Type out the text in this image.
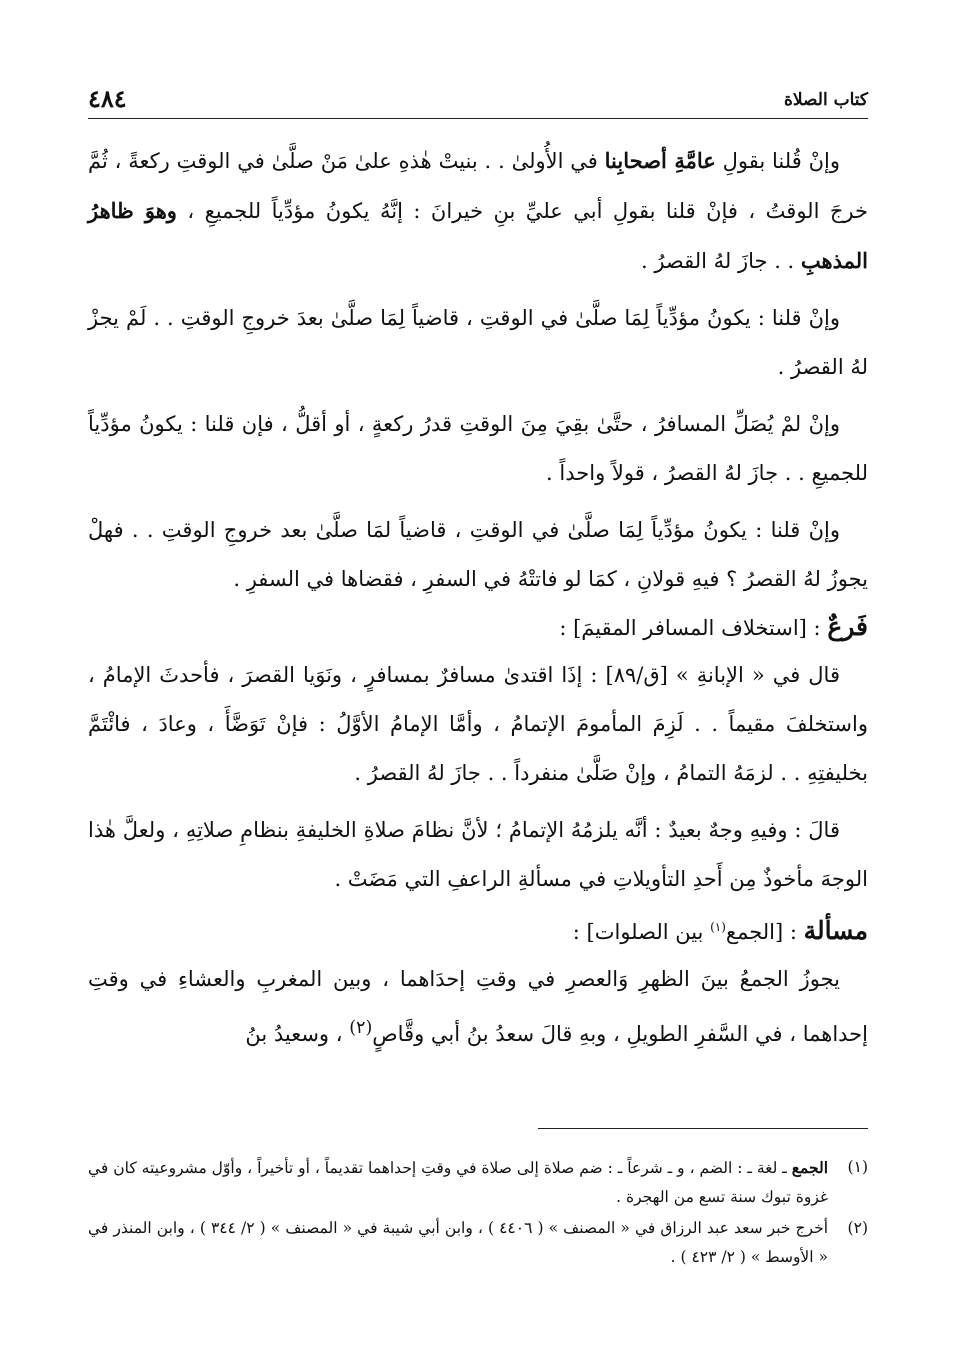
كتاب الصلاة
٤٨٤

وإنْ قُلنا بقولِ عامَّةِ أصحابِنا في الأُولىٰ . . بنيتْ هٰذهِ علىٰ مَنْ صلَّىٰ في الوقتِ ركعةً ، ثُمَّ خرجَ الوقتُ ، فإنْ قلنا بقولِ أبي عليِّ بنِ خيرانَ : إنَّهُ يكونُ مؤدِّياً للجميعِ ، وهوَ ظاهرُ المذهبِ . . جازَ لهُ القصرُ .

وإنْ قلنا : يكونُ مؤدِّياً لِمَا صلَّىٰ في الوقتِ ، قاضياً لِمَا صلَّىٰ بعدَ خروجِ الوقتِ . . لَمْ يجزْ لهُ القصرُ .

وإنْ لمْ يُصَلِّ المسافرُ ، حتَّىٰ بقِيَ مِنَ الوقتِ قدرُ ركعةٍ ، أو أقلُّ ، فإن قلنا : يكونُ مؤدِّياً للجميعِ . . جازَ لهُ القصرُ ، قولاً واحداً .

وإنْ قلنا : يكونُ مؤدِّياً لِمَا صلَّىٰ في الوقتِ ، قاضياً لمَا صلَّىٰ بعد خروجِ الوقتِ . . فهلْ يجوزُ لهُ القصرُ ؟ فيهِ قولانِ ، كمَا لو فاتتْهُ في السفرِ ، فقضاها في السفرِ .

فَرعٌ : [استخلاف المسافر المقيمَ] :

قال في « الإبانةِ » [ق/٨٩] : إذَا اقتدىٰ مسافرٌ بمسافرٍ ، ونَوَيا القصرَ ، فأحدثَ الإمامُ ، واستخلفَ مقيماً . . لَزِمَ المأمومَ الإتمامُ ، وأمَّا الإمامُ الأوَّلُ : فإنْ تَوَضَّأَ ، وعادَ ، فائْتَمَّ بخليفتِهِ . . لزمَهُ التمامُ ، وإنْ صَلَّىٰ منفرداً . . جازَ لهُ القصرُ .

قالَ : وفيهِ وجهٌ بعيدٌ : أنَّه يلزمُهُ الإتمامُ ؛ لأنَّ نظامَ صلاةِ الخليفةِ بنظامِ صلاتِهِ ، ولعلَّ هٰذا الوجهَ مأخوذٌ مِن أَحدِ التأويلاتِ في مسألةِ الراعفِ التي مَضَتْ .

مسألة : [الجمع$^{(١)}$ بين الصلوات] :

يجوزُ الجمعُ بينَ الظهرِ وَالعصرِ في وقتِ إحدَاهما ، وبين المغربِ والعشاءِ في وقتِ إحداهما ، في السَّفرِ الطويلِ ، وبهِ قالَ سعدُ بنُ أبي وقَّاصٍ$^{(٢)}$ ، وسعيدُ بنُ

(١)
الجمع ـ لغة ـ : الضم ، و ـ شرعاً ـ : ضم صلاة إلى صلاة في وقتِ إحداهما تقديماً ، أو تأخيراً ، وأوّل مشروعيته كان في غزوة تبوك سنة تسع من الهجرة .
(٢)
أخرج خبر سعد عبد الرزاق في « المصنف » ( ٤٤٠٦ ) ، وابن أبي شيبة في « المصنف » ( ٢/ ٣٤٤ ) ، وابن المنذر في « الأوسط » ( ٢/ ٤٢٣ ) .
